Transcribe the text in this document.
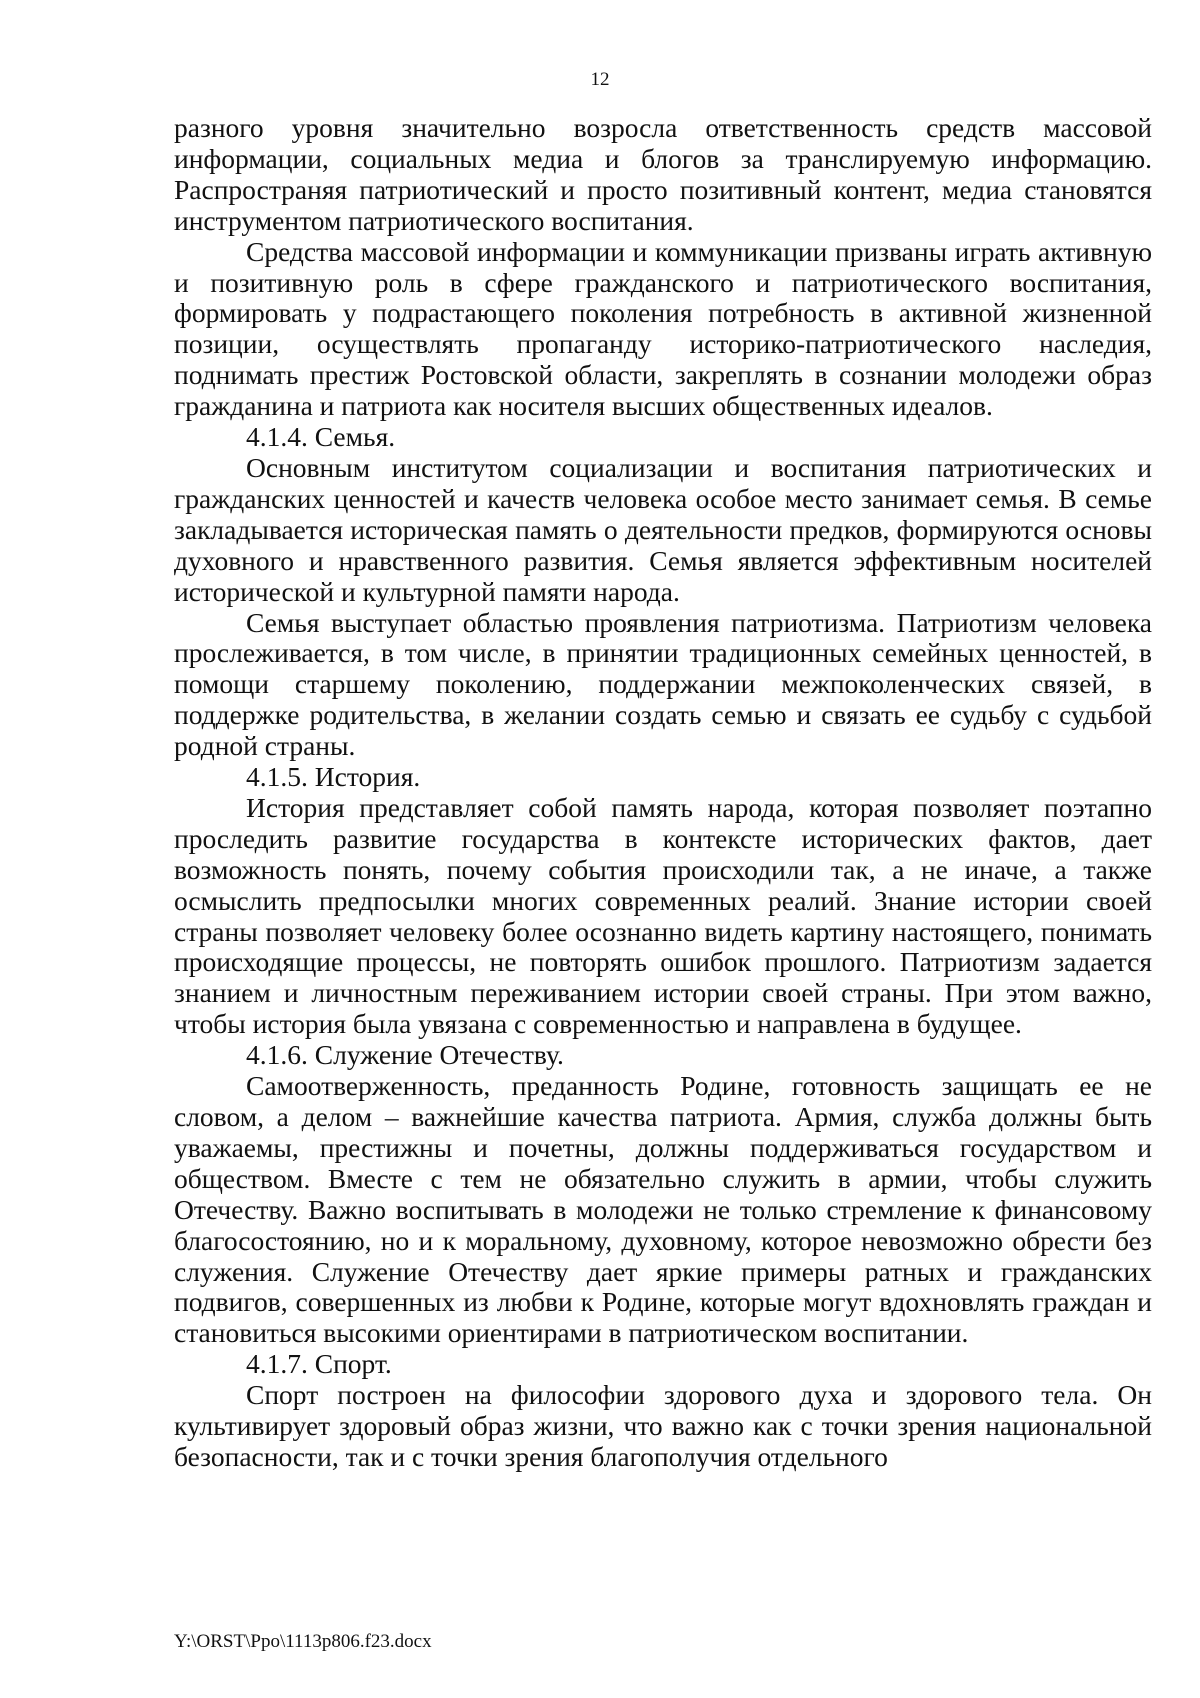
12

разного уровня значительно возросла ответственность средств массовой информации, социальных медиа и блогов за транслируемую информацию. Распространяя патриотический и просто позитивный контент, медиа становятся инструментом патриотического воспитания.

Средства массовой информации и коммуникации призваны играть активную и позитивную роль в сфере гражданского и патриотического воспитания, формировать у подрастающего поколения потребность в активной жизненной позиции, осуществлять пропаганду историко-патриотического наследия, поднимать престиж Ростовской области, закреплять в сознании молодежи образ гражданина и патриота как носителя высших общественных идеалов.

4.1.4. Семья.

Основным институтом социализации и воспитания патриотических и гражданских ценностей и качеств человека особое место занимает семья. В семье закладывается историческая память о деятельности предков, формируются основы духовного и нравственного развития. Семья является эффективным носителей исторической и культурной памяти народа.

Семья выступает областью проявления патриотизма. Патриотизм человека прослеживается, в том числе, в принятии традиционных семейных ценностей, в помощи старшему поколению, поддержании межпоколенческих связей, в поддержке родительства, в желании создать семью и связать ее судьбу с судьбой родной страны.

4.1.5. История.

История представляет собой память народа, которая позволяет поэтапно проследить развитие государства в контексте исторических фактов, дает возможность понять, почему события происходили так, а не иначе, а также осмыслить предпосылки многих современных реалий. Знание истории своей страны позволяет человеку более осознанно видеть картину настоящего, понимать происходящие процессы, не повторять ошибок прошлого. Патриотизм задается знанием и личностным переживанием истории своей страны. При этом важно, чтобы история была увязана с современностью и направлена в будущее.

4.1.6. Служение Отечеству.

Самоотверженность, преданность Родине, готовность защищать ее не словом, а делом – важнейшие качества патриота. Армия, служба должны быть уважаемы, престижны и почетны, должны поддерживаться государством и обществом. Вместе с тем не обязательно служить в армии, чтобы служить Отечеству. Важно воспитывать в молодежи не только стремление к финансовому благосостоянию, но и к моральному, духовному, которое невозможно обрести без служения. Служение Отечеству дает яркие примеры ратных и гражданских подвигов, совершенных из любви к Родине, которые могут вдохновлять граждан и становиться высокими ориентирами в патриотическом воспитании.

4.1.7. Спорт.

Спорт построен на философии здорового духа и здорового тела. Он культивирует здоровый образ жизни, что важно как с точки зрения национальной безопасности, так и с точки зрения благополучия отдельного

Y:\ORST\Ppo\1113p806.f23.docx
